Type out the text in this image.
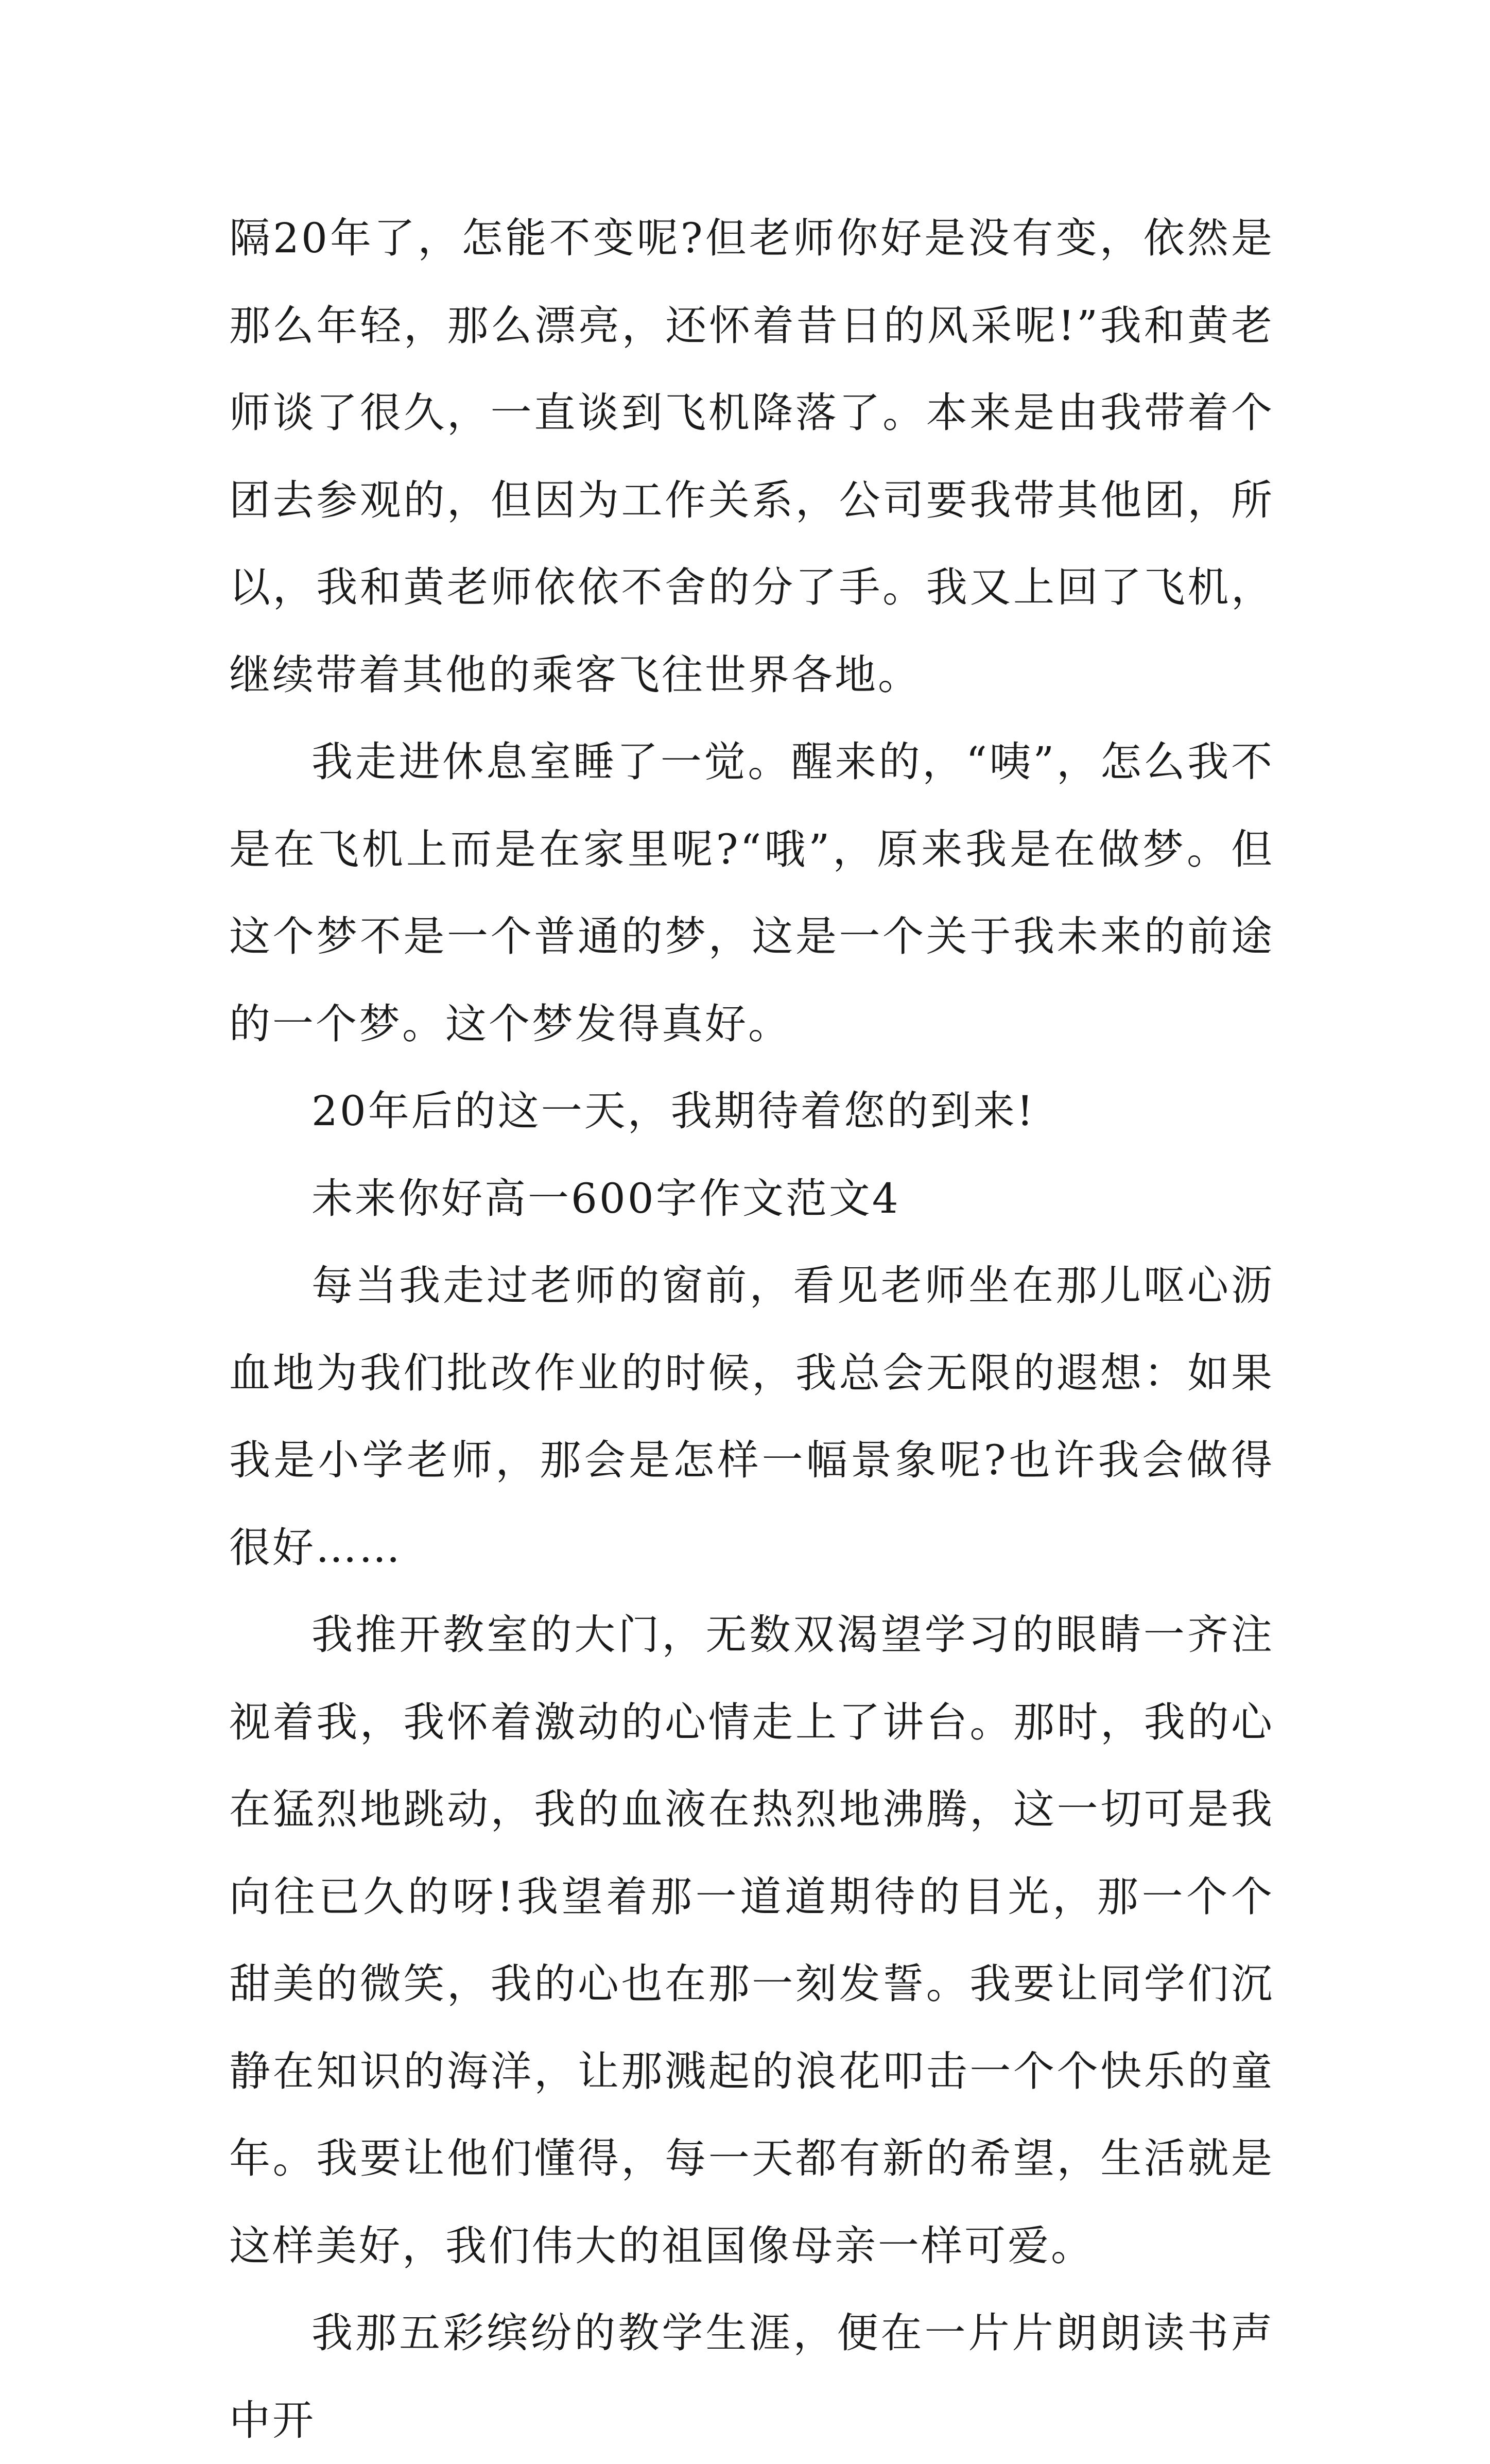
隔20年了，怎能不变呢?但老师你好是没有变，依然是那么年轻，那么漂亮，还怀着昔日的风采呢!”我和黄老师谈了很久，一直谈到飞机降落了。本来是由我带着个团去参观的，但因为工作关系，公司要我带其他团，所以，我和黄老师依依不舍的分了手。我又上回了飞机，继续带着其他的乘客飞往世界各地。

我走进休息室睡了一觉。醒来的，“咦”，怎么我不是在飞机上而是在家里呢?“哦”，原来我是在做梦。但这个梦不是一个普通的梦，这是一个关于我未来的前途的一个梦。这个梦发得真好。

20年后的这一天，我期待着您的到来!

未来你好高一600字作文范文4

每当我走过老师的窗前，看见老师坐在那儿呕心沥血地为我们批改作业的时候，我总会无限的遐想：如果我是小学老师，那会是怎样一幅景象呢?也许我会做得很好……

我推开教室的大门，无数双渴望学习的眼睛一齐注视着我，我怀着激动的心情走上了讲台。那时，我的心在猛烈地跳动，我的血液在热烈地沸腾，这一切可是我向往已久的呀!我望着那一道道期待的目光，那一个个甜美的微笑，我的心也在那一刻发誓。我要让同学们沉静在知识的海洋，让那溅起的浪花叩击一个个快乐的童年。我要让他们懂得，每一天都有新的希望，生活就是这样美好，我们伟大的祖国像母亲一样可爱。

我那五彩缤纷的教学生涯，便在一片片朗朗读书声中开
